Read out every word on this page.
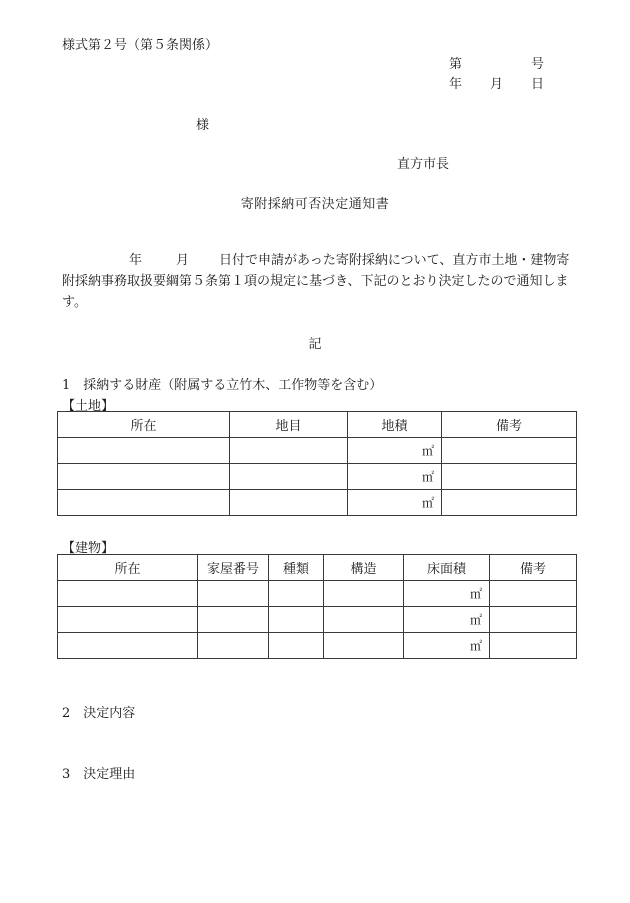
様式第２号（第５条関係）
第	号
年 月 日
様
直方市長
寄附採納可否決定通知書
年	月 日付で申請があった寄附採納について、直方市土地・建物寄附採納事務取扱要綱第５条第１項の規定に基づき、下記のとおり決定したので通知します。
記
1　採納する財産（附属する立竹木、工作物等を含む）
【土地】
所在	地目	地積	備考
		㎡	
		㎡	
		㎡	
【建物】
所在	家屋番号	種類	構造	床面積	備考
				㎡	
				㎡	
				㎡	
2　決定内容
3　決定理由
